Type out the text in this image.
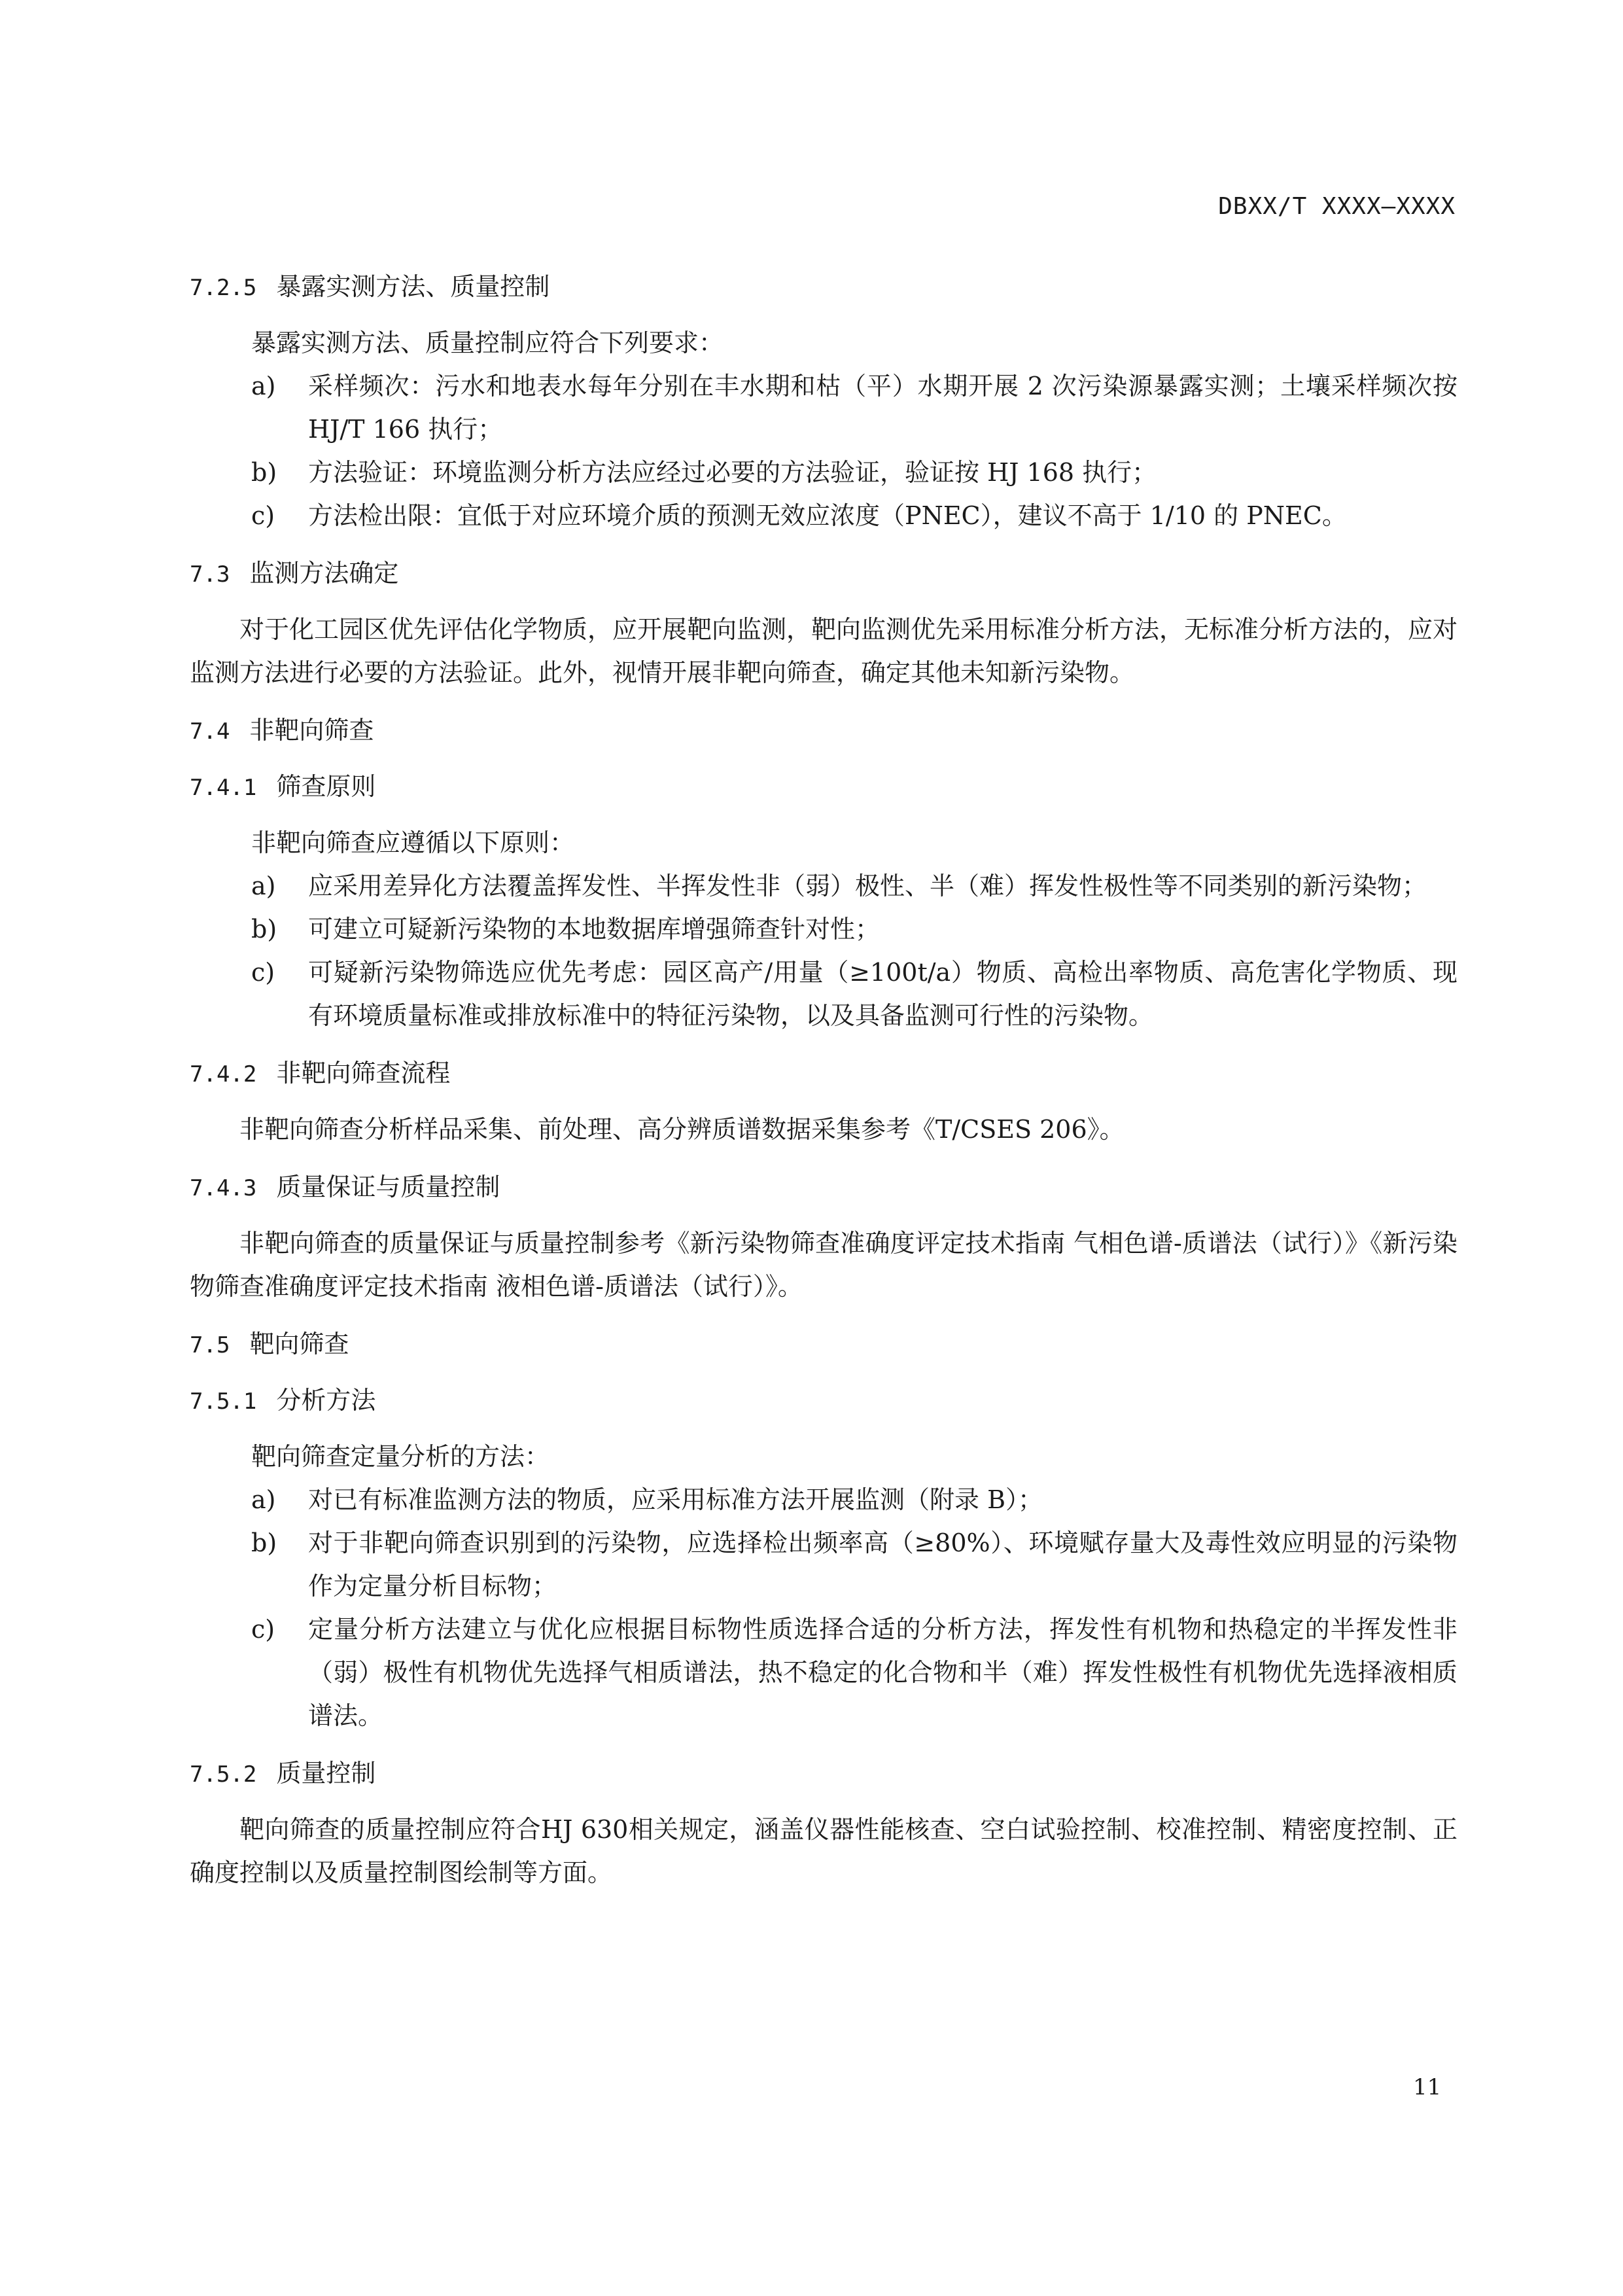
DBXX/T XXXX—XXXX
7.2.5 暴露实测方法、质量控制

暴露实测方法、质量控制应符合下列要求：

a) 采样频次：污水和地表水每年分别在丰水期和枯（平）水期开展 2 次污染源暴露实测；土壤采样频次按 HJ/T 166 执行；
b) 方法验证：环境监测分析方法应经过必要的方法验证，验证按 HJ 168 执行；
c) 方法检出限：宜低于对应环境介质的预测无效应浓度（PNEC），建议不高于 1/10 的 PNEC。
7.3 监测方法确定

对于化工园区优先评估化学物质，应开展靶向监测，靶向监测优先采用标准分析方法，无标准分析方法的，应对监测方法进行必要的方法验证。此外，视情开展非靶向筛查，确定其他未知新污染物。

7.4 非靶向筛查
7.4.1 筛查原则

非靶向筛查应遵循以下原则：

a) 应采用差异化方法覆盖挥发性、半挥发性非（弱）极性、半（难）挥发性极性等不同类别的新污染物；
b) 可建立可疑新污染物的本地数据库增强筛查针对性；
c) 可疑新污染物筛选应优先考虑：园区高产/用量（≥100t/a）物质、高检出率物质、高危害化学物质、现有环境质量标准或排放标准中的特征污染物，以及具备监测可行性的污染物。
7.4.2 非靶向筛查流程

非靶向筛查分析样品采集、前处理、高分辨质谱数据采集参考《T/CSES 206》。

7.4.3 质量保证与质量控制

非靶向筛查的质量保证与质量控制参考《新污染物筛查准确度评定技术指南 气相色谱-质谱法（试行）》《新污染物筛查准确度评定技术指南 液相色谱-质谱法（试行）》。

7.5 靶向筛查
7.5.1 分析方法

靶向筛查定量分析的方法：

a) 对已有标准监测方法的物质，应采用标准方法开展监测（附录 B）；
b) 对于非靶向筛查识别到的污染物，应选择检出频率高（≥80%）、环境赋存量大及毒性效应明显的污染物作为定量分析目标物；
c) 定量分析方法建立与优化应根据目标物性质选择合适的分析方法，挥发性有机物和热稳定的半挥发性非（弱）极性有机物优先选择气相质谱法，热不稳定的化合物和半（难）挥发性极性有机物优先选择液相质谱法。
7.5.2 质量控制

靶向筛查的质量控制应符合HJ 630相关规定，涵盖仪器性能核查、空白试验控制、校准控制、精密度控制、正确度控制以及质量控制图绘制等方面。

11
